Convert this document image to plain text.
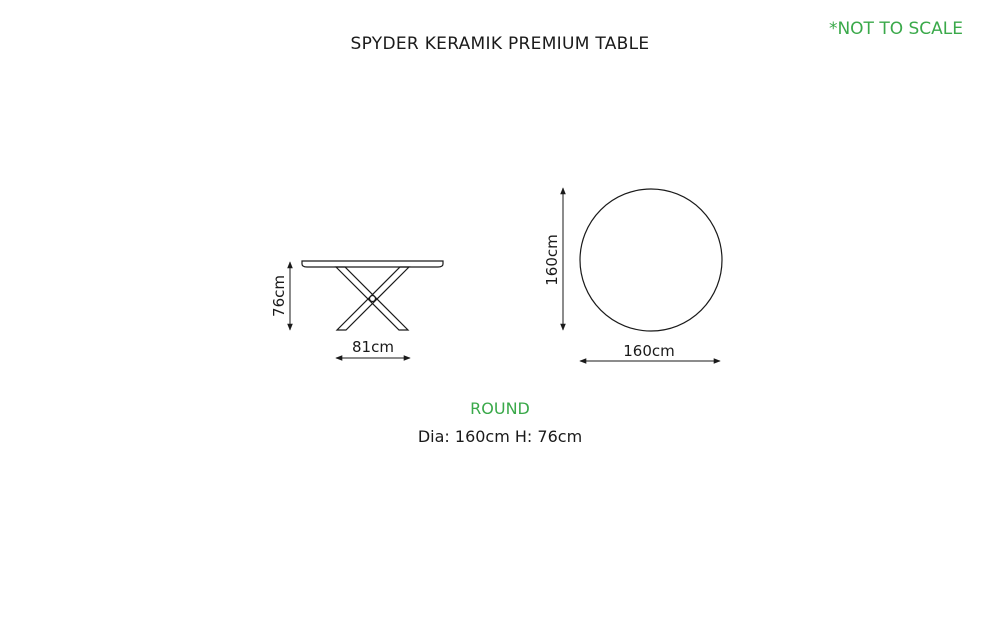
SPYDER KERAMIK PREMIUM TABLE
*NOT TO SCALE
76cm
81cm
160cm
160cm
ROUND
Dia: 160cm H: 76cm
